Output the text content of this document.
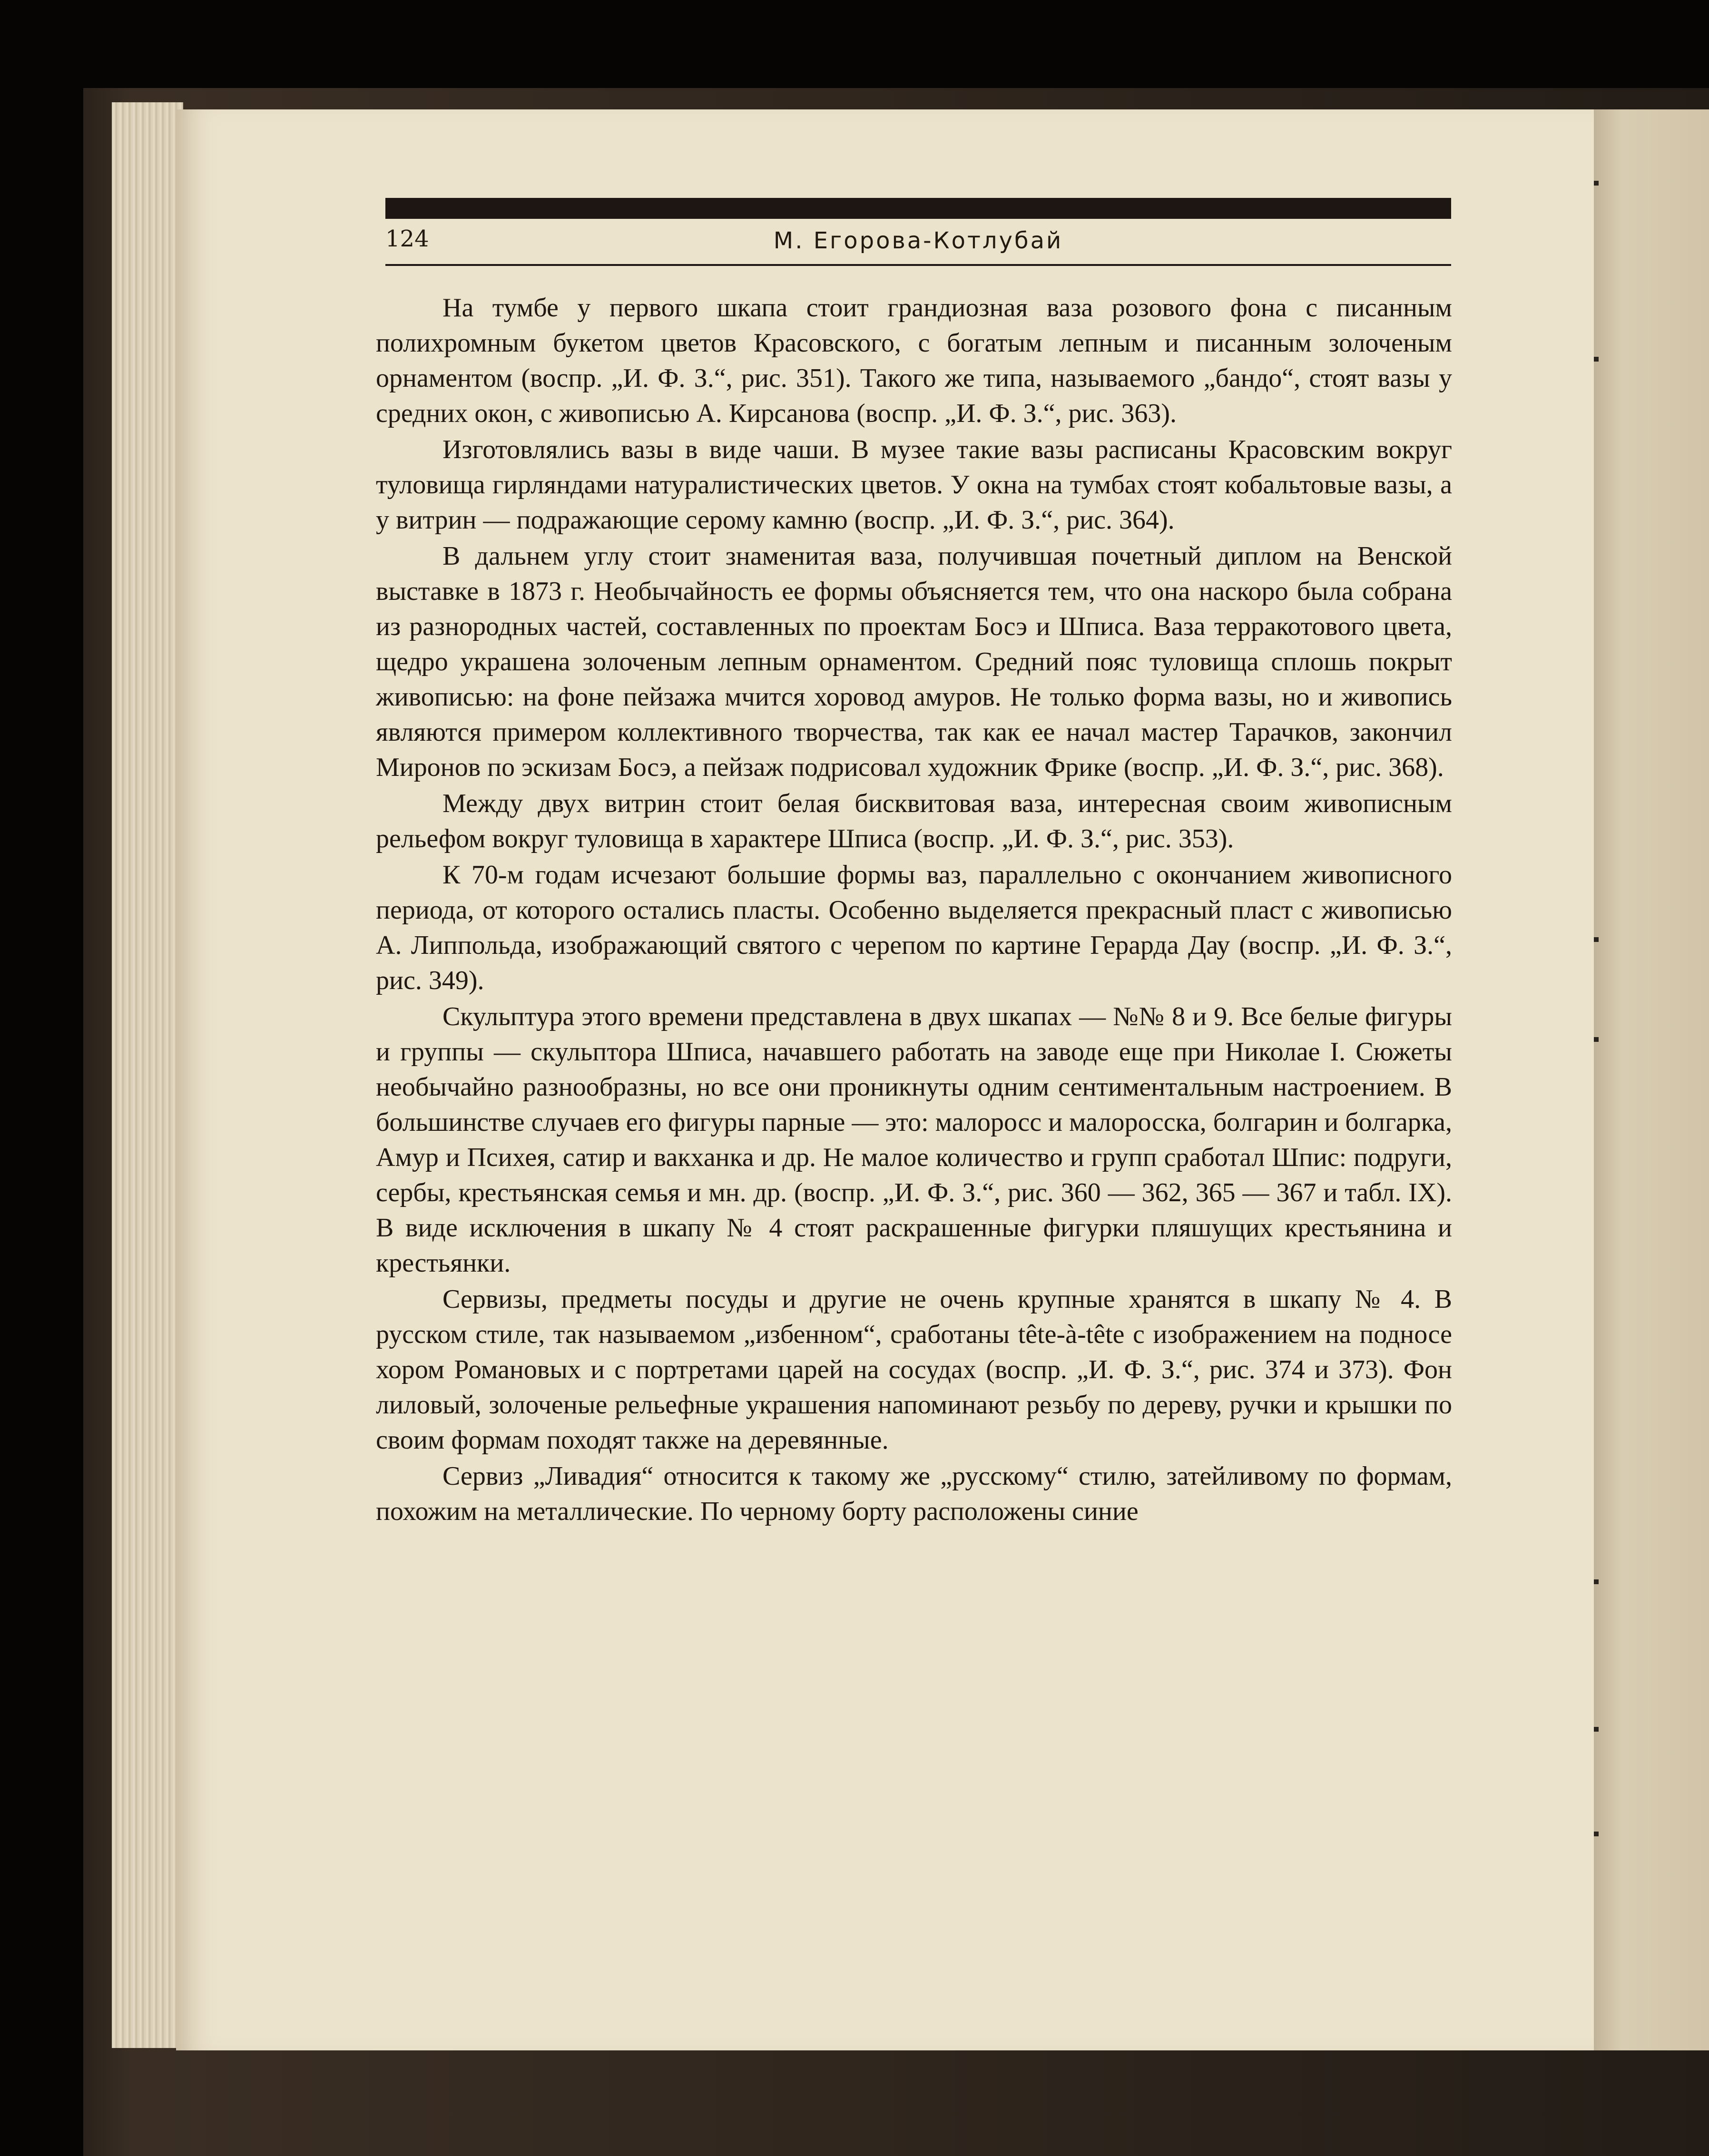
124	М. Егорова-Котлубай

На тумбе у первого шкапа стоит грандиозная ваза розового фона с писанным полихромным букетом цветов Красовского, с богатым лепным и писанным золоченым орнаментом (воспр. „И. Ф. З.“, рис. 351). Такого же типа, называемого „бандо“, стоят вазы у средних окон, с живописью А. Кирсанова (воспр. „И. Ф. З.“, рис. 363).

Изготовлялись вазы в виде чаши. В музее такие вазы расписаны Красовским вокруг туловища гирляндами натуралистических цветов. У окна на тумбах стоят кобальтовые вазы, а у витрин — подражающие серому камню (воспр. „И. Ф. З.“, рис. 364).

В дальнем углу стоит знаменитая ваза, получившая почетный диплом на Венской выставке в 1873 г. Необычайность ее формы объясняется тем, что она наскоро была собрана из разнородных частей, составленных по проектам Босэ и Шписа. Ваза терракотового цвета, щедро украшена золоченым лепным орнаментом. Средний пояс туловища сплошь покрыт живописью: на фоне пейзажа мчится хоровод амуров. Не только форма вазы, но и живопись являются примером коллективного творчества, так как ее начал мастер Тарачков, закончил Миронов по эскизам Босэ, а пейзаж подрисовал художник Фрике (воспр. „И. Ф. З.“, рис. 368).

Между двух витрин стоит белая бисквитовая ваза, интересная своим живописным рельефом вокруг туловища в характере Шписа (воспр. „И. Ф. З.“, рис. 353).

К 70-м годам исчезают большие формы ваз, параллельно с окончанием живописного периода, от которого остались пласты. Особенно выделяется прекрасный пласт с живописью А. Липпольда, изображающий святого с черепом по картине Герарда Дау (воспр. „И. Ф. З.“, рис. 349).

Скульптура этого времени представлена в двух шкапах — №№ 8 и 9. Все белые фигуры и группы — скульптора Шписа, начавшего работать на заводе еще при Николае I. Сюжеты необычайно разнообразны, но все они проникнуты одним сентиментальным настроением. В большинстве случаев его фигуры парные — это: малоросс и малоросска, болгарин и болгарка, Амур и Психея, сатир и вакханка и др. Не малое количество и групп сработал Шпис: подруги, сербы, крестьянская семья и мн. др. (воспр. „И. Ф. З.“, рис. 360 — 362, 365 — 367 и табл. IX). В виде исключения в шкапу № 4 стоят раскрашенные фигурки пляшущих крестьянина и крестьянки.

Сервизы, предметы посуды и другие не очень крупные хранятся в шкапу № 4. В русском стиле, так называемом „избенном“, сработаны tête-à-tête с изображением на подносе хором Романовых и с портретами царей на сосудах (воспр. „И. Ф. З.“, рис. 374 и 373). Фон лиловый, золоченые рельефные украшения напоминают резьбу по дереву, ручки и крышки по своим формам походят также на деревянные.

Сервиз „Ливадия“ относится к такому же „русскому“ стилю, затейливому по формам, похожим на металлические. По черному борту расположены синие
